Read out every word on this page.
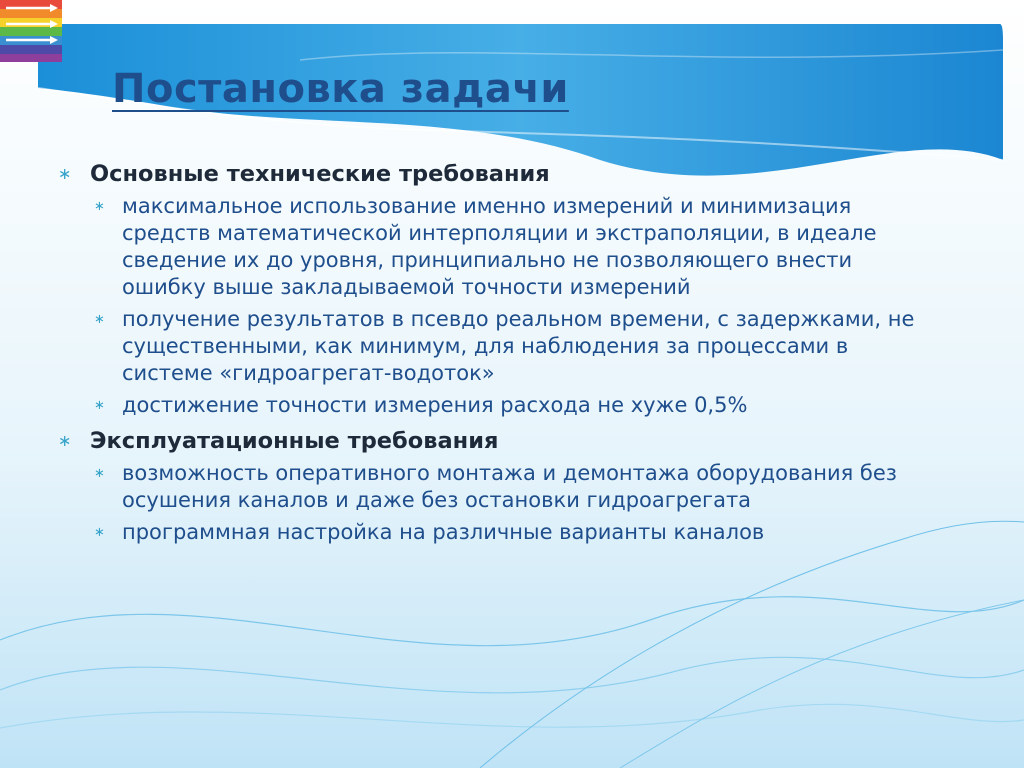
Постановка задачи
∗ Основные технические требования
∗ максимальное использование именно измерений и минимизация средств математической интерполяции и экстраполяции, в идеале сведение их до уровня, принципиально не позволяющего внести ошибку выше закладываемой точности измерений
∗ получение результатов в псевдо реальном времени, с задержками, не существенными, как минимум, для наблюдения за процессами в системе «гидроагрегат-водоток»
∗ достижение точности измерения расхода не хуже 0,5%
∗ Эксплуатационные требования
∗ возможность оперативного монтажа и демонтажа оборудования без осушения каналов и даже без остановки гидроагрегата
∗ программная настройка на различные варианты каналов
